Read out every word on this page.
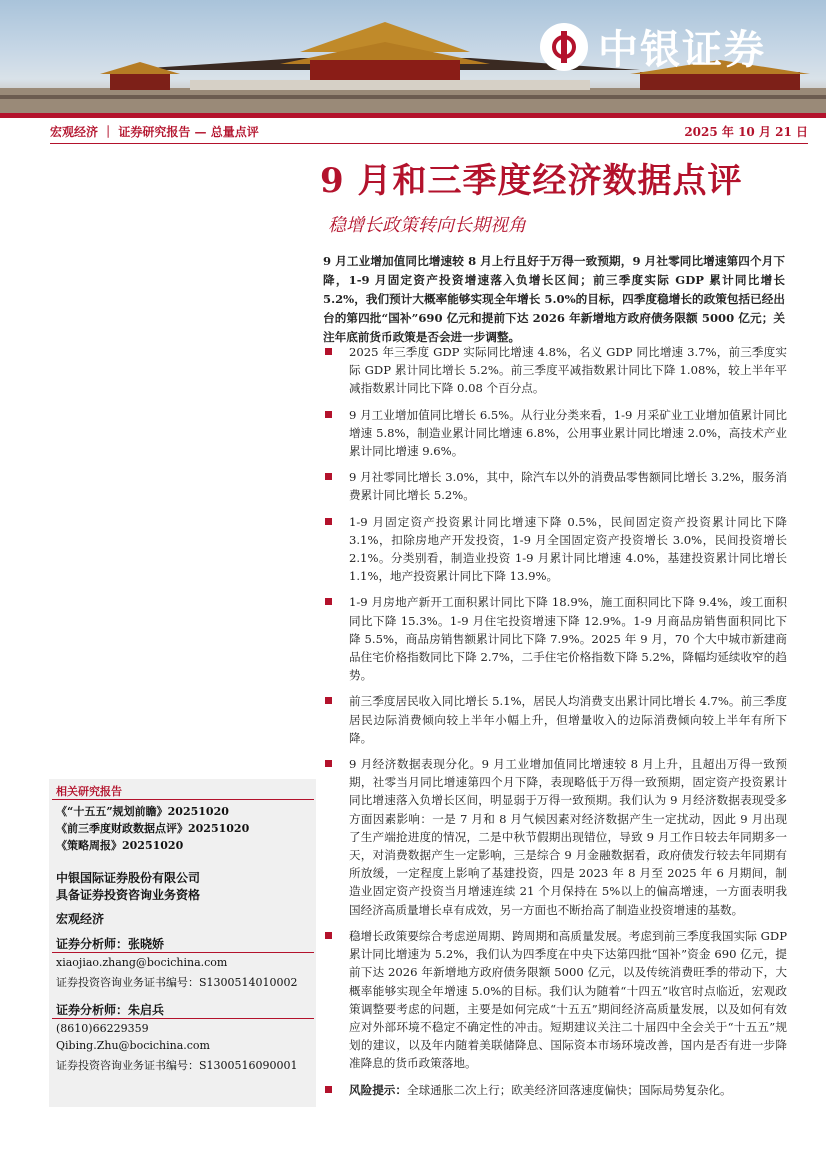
中银证券
宏观经济 ｜ 证券研究报告 — 总量点评	2025 年 10 月 21 日
9 月和三季度经济数据点评
稳增长政策转向长期视角
9 月工业增加值同比增速较 8 月上行且好于万得一致预期，9 月社零同比增速第四个月下降，1-9 月固定资产投资增速落入负增长区间；前三季度实际 GDP 累计同比增长 5.2%，我们预计大概率能够实现全年增长 5.0%的目标，四季度稳增长的政策包括已经出台的第四批“国补”690 亿元和提前下达 2026 年新增地方政府债务限额 5000 亿元；关注年底前货币政策是否会进一步调整。
2025 年三季度 GDP 实际同比增速 4.8%，名义 GDP 同比增速 3.7%，前三季度实际 GDP 累计同比增长 5.2%。前三季度平减指数累计同比下降 1.08%，较上半年平减指数累计同比下降 0.08 个百分点。
9 月工业增加值同比增长 6.5%。从行业分类来看，1-9 月采矿业工业增加值累计同比增速 5.8%，制造业累计同比增速 6.8%，公用事业累计同比增速 2.0%，高技术产业累计同比增速 9.6%。
9 月社零同比增长 3.0%，其中，除汽车以外的消费品零售额同比增长 3.2%，服务消费累计同比增长 5.2%。
1-9 月固定资产投资累计同比增速下降 0.5%，民间固定资产投资累计同比下降 3.1%，扣除房地产开发投资，1-9 月全国固定资产投资增长 3.0%，民间投资增长 2.1%。分类别看，制造业投资 1-9 月累计同比增速 4.0%，基建投资累计同比增长 1.1%，地产投资累计同比下降 13.9%。
1-9 月房地产新开工面积累计同比下降 18.9%，施工面积同比下降 9.4%，竣工面积同比下降 15.3%。1-9 月住宅投资增速下降 12.9%。1-9 月商品房销售面积同比下降 5.5%，商品房销售额累计同比下降 7.9%。2025 年 9 月，70 个大中城市新建商品住宅价格指数同比下降 2.7%，二手住宅价格指数下降 5.2%，降幅均延续收窄的趋势。
前三季度居民收入同比增长 5.1%，居民人均消费支出累计同比增长 4.7%。前三季度居民边际消费倾向较上半年小幅上升，但增量收入的边际消费倾向较上半年有所下降。
9 月经济数据表现分化。9 月工业增加值同比增速较 8 月上升，且超出万得一致预期，社零当月同比增速第四个月下降，表现略低于万得一致预期，固定资产投资累计同比增速落入负增长区间，明显弱于万得一致预期。我们认为 9 月经济数据表现受多方面因素影响：一是 7 月和 8 月气候因素对经济数据产生一定扰动，因此 9 月出现了生产端抢进度的情况，二是中秋节假期出现错位，导致 9 月工作日较去年同期多一天，对消费数据产生一定影响，三是综合 9 月金融数据看，政府债发行较去年同期有所放缓，一定程度上影响了基建投资，四是 2023 年 8 月至 2025 年 6 月期间，制造业固定资产投资当月增速连续 21 个月保持在 5%以上的偏高增速，一方面表明我国经济高质量增长卓有成效，另一方面也不断抬高了制造业投资增速的基数。
稳增长政策要综合考虑逆周期、跨周期和高质量发展。考虑到前三季度我国实际 GDP 累计同比增速为 5.2%，我们认为四季度在中央下达第四批“国补”资金 690 亿元，提前下达 2026 年新增地方政府债务限额 5000 亿元，以及传统消费旺季的带动下，大概率能够实现全年增速 5.0%的目标。我们认为随着“十四五”收官时点临近，宏观政策调整要考虑的问题，主要是如何完成“十五五”期间经济高质量发展，以及如何有效应对外部环境不稳定不确定性的冲击。短期建议关注二十届四中全会关于“十五五”规划的建议，以及年内随着美联储降息、国际资本市场环境改善，国内是否有进一步降准降息的货币政策落地。
风险提示：全球通胀二次上行；欧美经济回落速度偏快；国际局势复杂化。
相关研究报告
《“十五五”规划前瞻》20251020
《前三季度财政数据点评》20251020
《策略周报》20251020
中银国际证券股份有限公司
具备证券投资咨询业务资格
宏观经济
证券分析师：张晓娇
xiaojiao.zhang@bocichina.com
证券投资咨询业务证书编号：S1300514010002
证券分析师：朱启兵
(8610)66229359
Qibing.Zhu@bocichina.com
证券投资咨询业务证书编号：S1300516090001
